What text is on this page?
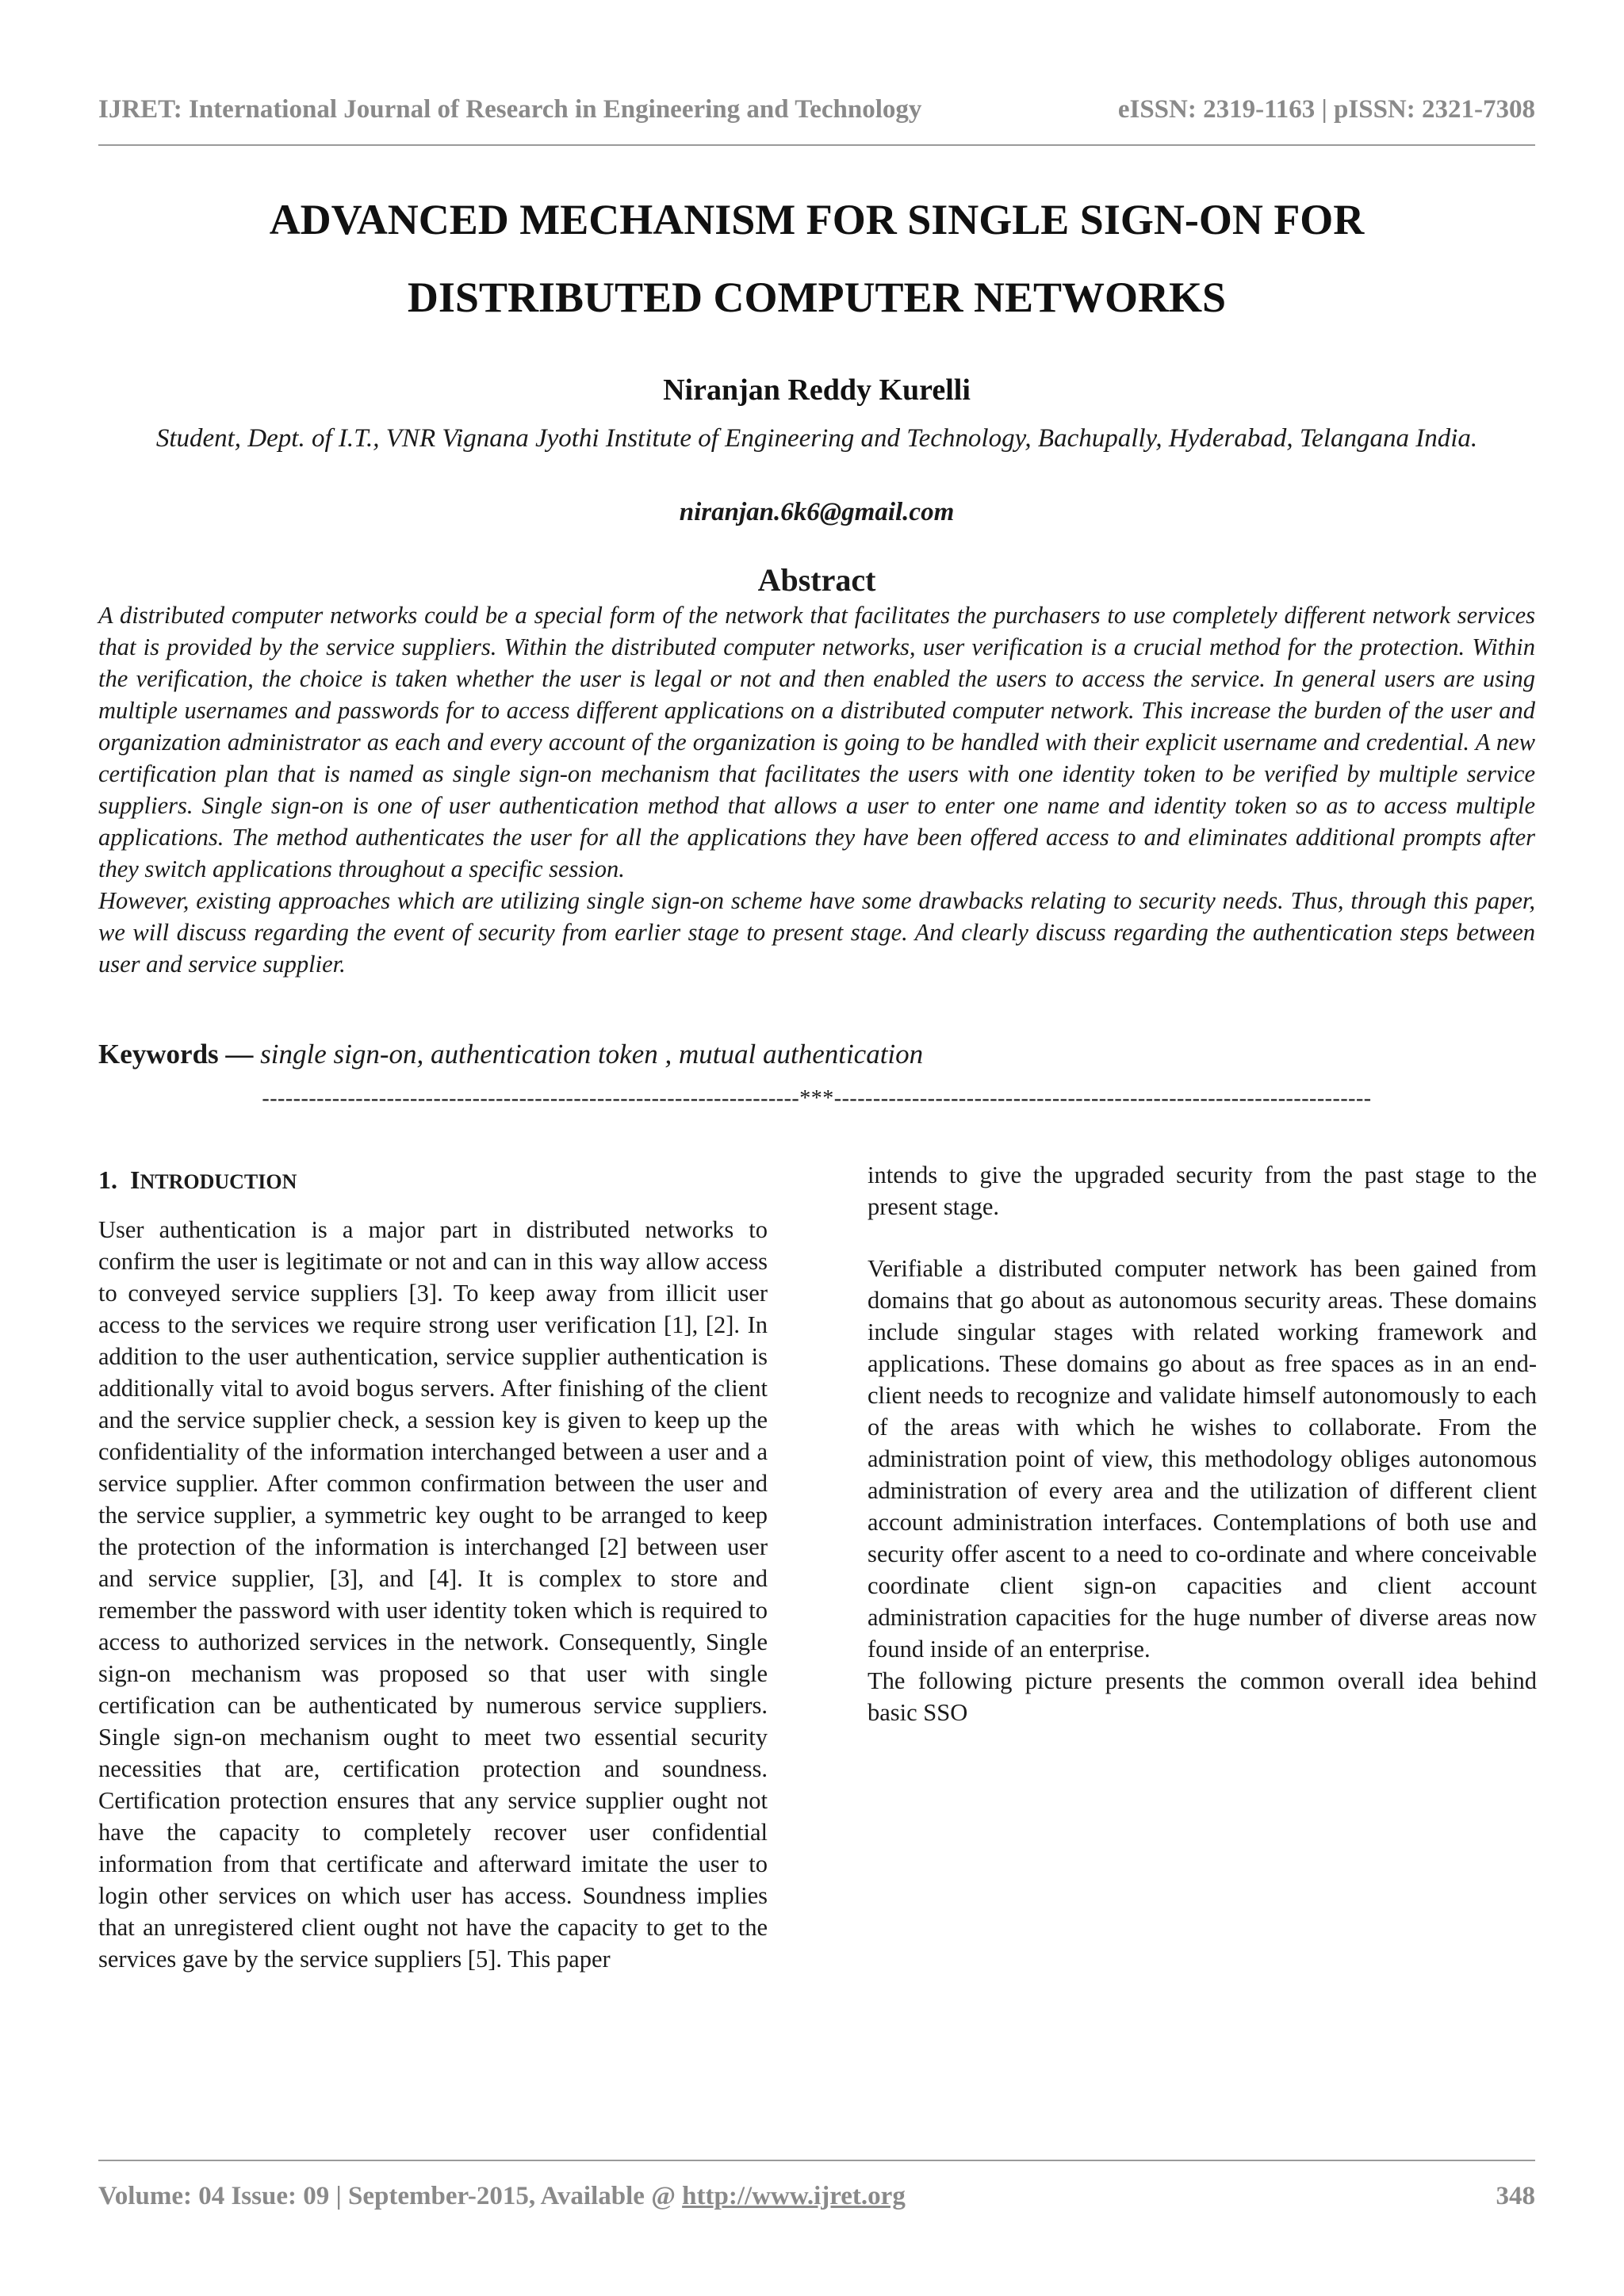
IJRET: International Journal of Research in Engineering and Technology	eISSN: 2319-1163 | pISSN: 2321-7308
ADVANCED MECHANISM FOR SINGLE SIGN-ON FOR
DISTRIBUTED COMPUTER NETWORKS
Niranjan Reddy Kurelli
Student, Dept. of I.T., VNR Vignana Jyothi Institute of Engineering and Technology, Bachupally, Hyderabad, Telangana India.
niranjan.6k6@gmail.com
Abstract

A distributed computer networks could be a special form of the network that facilitates the purchasers to use completely different network services that is provided by the service suppliers. Within the distributed computer networks, user verification is a crucial method for the protection. Within the verification, the choice is taken whether the user is legal or not and then enabled the users to access the service. In general users are using multiple usernames and passwords for to access different applications on a distributed computer network. This increase the burden of the user and organization administrator as each and every account of the organization is going to be handled with their explicit username and credential. A new certification plan that is named as single sign-on mechanism that facilitates the users with one identity token to be verified by multiple service suppliers. Single sign-on is one of user authentication method that allows a user to enter one name and identity token so as to access multiple applications. The method authenticates the user for all the applications they have been offered access to and eliminates additional prompts after they switch applications throughout a specific session.

However, existing approaches which are utilizing single sign-on scheme have some drawbacks relating to security needs. Thus, through this paper, we will discuss regarding the event of security from earlier stage to present stage. And clearly discuss regarding the authentication steps between user and service supplier.

Keywords — single sign-on, authentication token , mutual authentication
---------------------------------------------------------------------***---------------------------------------------------------------------
1. INTRODUCTION

User authentication is a major part in distributed networks to confirm the user is legitimate or not and can in this way allow access to conveyed service suppliers [3]. To keep away from illicit user access to the services we require strong user verification [1], [2]. In addition to the user authentication, service supplier authentication is additionally vital to avoid bogus servers. After finishing of the client and the service supplier check, a session key is given to keep up the confidentiality of the information interchanged between a user and a service supplier. After common confirmation between the user and the service supplier, a symmetric key ought to be arranged to keep the protection of the information is interchanged [2] between user and service supplier, [3], and [4]. It is complex to store and remember the password with user identity token which is required to access to authorized services in the network. Consequently, Single sign-on mechanism was proposed so that user with single certification can be authenticated by numerous service suppliers. Single sign-on mechanism ought to meet two essential security necessities that are, certification protection and soundness. Certification protection ensures that any service supplier ought not have the capacity to completely recover user confidential information from that certificate and afterward imitate the user to login other services on which user has access. Soundness implies that an unregistered client ought not have the capacity to get to the services gave by the service suppliers [5]. This paper

intends to give the upgraded security from the past stage to the present stage.

Verifiable a distributed computer network has been gained from domains that go about as autonomous security areas. These domains include singular stages with related working framework and applications. These domains go about as free spaces as in an end-client needs to recognize and validate himself autonomously to each of the areas with which he wishes to collaborate. From the administration point of view, this methodology obliges autonomous administration of every area and the utilization of different client account administration interfaces. Contemplations of both use and security offer ascent to a need to co-ordinate and where conceivable coordinate client sign-on capacities and client account administration capacities for the huge number of diverse areas now found inside of an enterprise.

The following picture presents the common overall idea behind basic SSO

Volume: 04 Issue: 09 | September-2015, Available @ http://www.ijret.org	348
